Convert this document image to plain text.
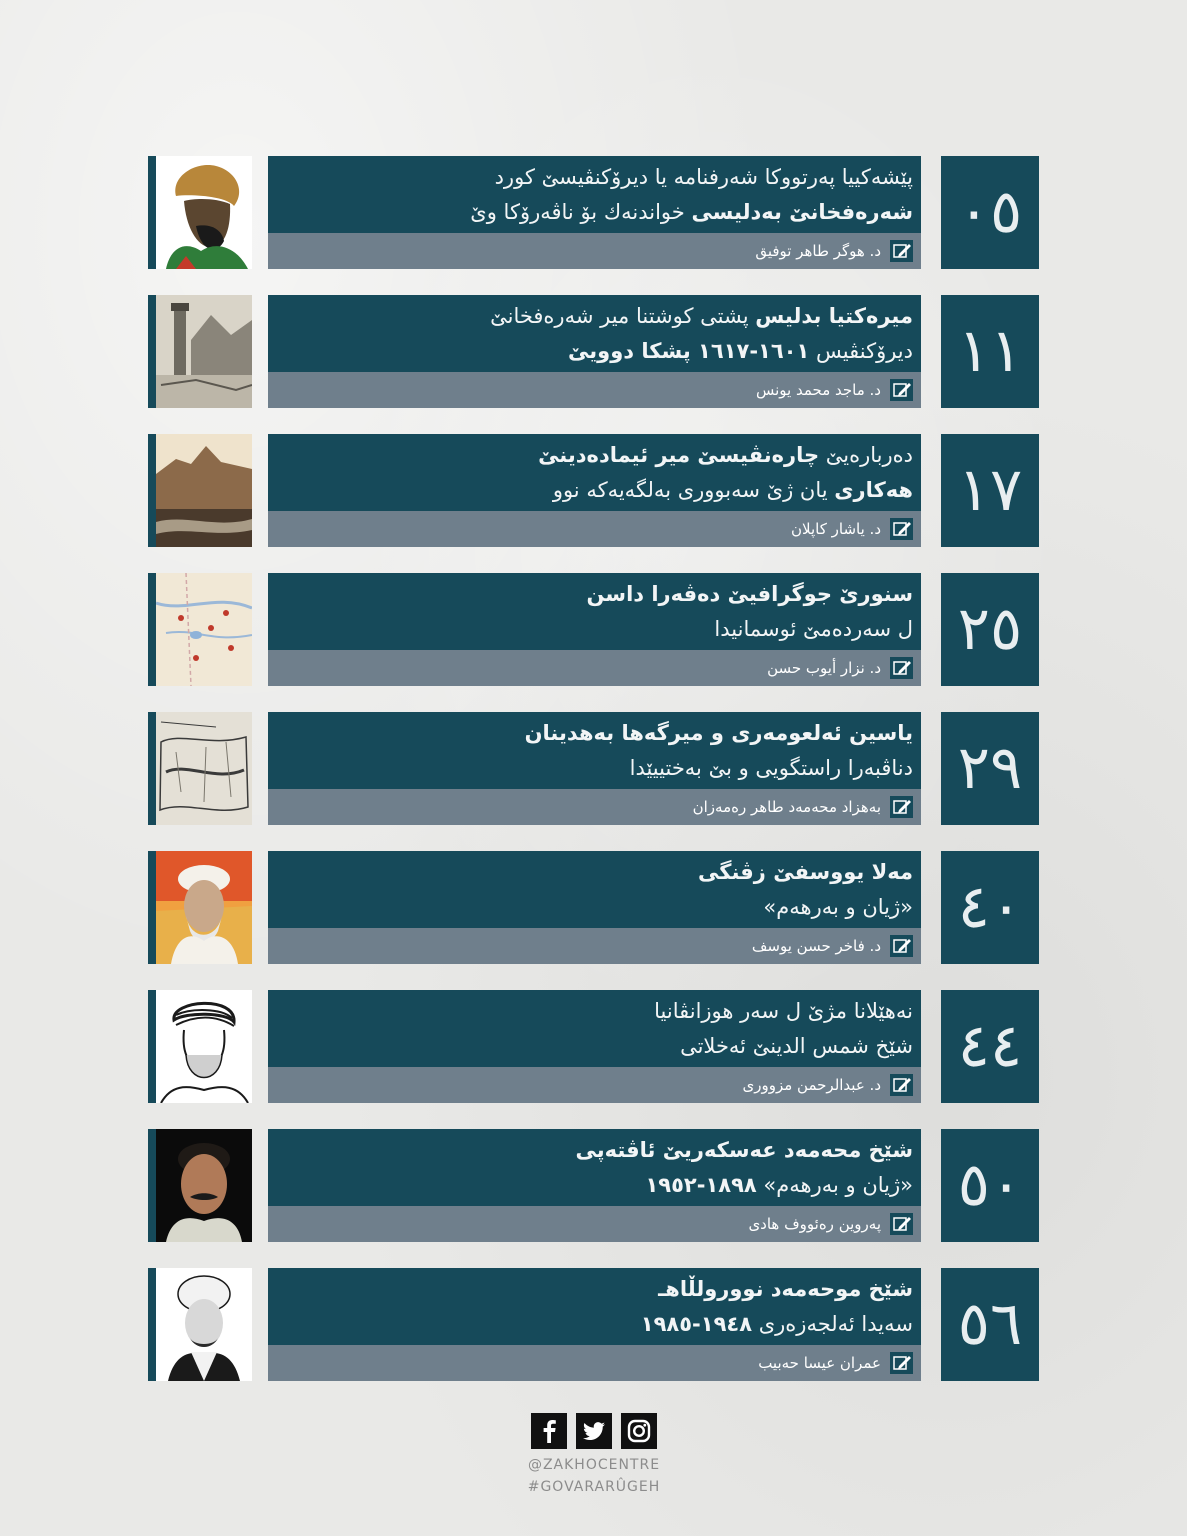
پێشەکییا پەرتووکا شەرفنامە یا دیرۆکنڤیسێ کورد
شەرەفخانێ بەدلیسی خواندنەك بۆ ناڤەرۆکا وێ
د. هوگر طاهر توفيق
٠٥
میرەکتیا بدلیس پشتی کوشتنا میر شەرەفخانێ
دیرۆکنڤیس ١٦٠١-١٦١٧ پشکا دوویێ
د. ماجد محمد يونس
١١
دەربارەیێ چارەنڤیسێ میر ئیمادەدینێ
هەکاری یان ژێ سەبووری بەلگەیەکە نوو
د. ياشار كاپلان
١٧
سنورێ جوگرافیێ دەڤەرا داسن
ل سەردەمێ ئوسمانیدا
د. نزار أيوب حسن
٢٥
یاسین ئەلعومەری و میرگەها بەهدینان
دناڤبەرا راستگویی و بێ بەختییێدا
بەهزاد محەمەد طاهر رەمەزان
٢٩
مەلا یووسفێ زڤنگی
«ژیان و بەرهەم»
د. فاخر حسن يوسف
٤٠
نەهێلانا مژێ ل سەر هوزانڤانیا
شێخ شمس الدینێ ئەخلاتی
د. عبدالرحمن مزووری
٤٤
شێخ محەمەد عەسکەریێ ئاڤتەپی
«ژیان و بەرهەم» ١٨٩٨-١٩٥٢
پەروین رەئووف هادی
٥٠
شێخ موحەمەد نوورولڵاهـ
سەیدا ئەلجەزەری ١٩٤٨-١٩٨٥
عمران عيسا حەبيب
٥٦
@ZAKHOCENTRE
#GOVARARÛGEH
